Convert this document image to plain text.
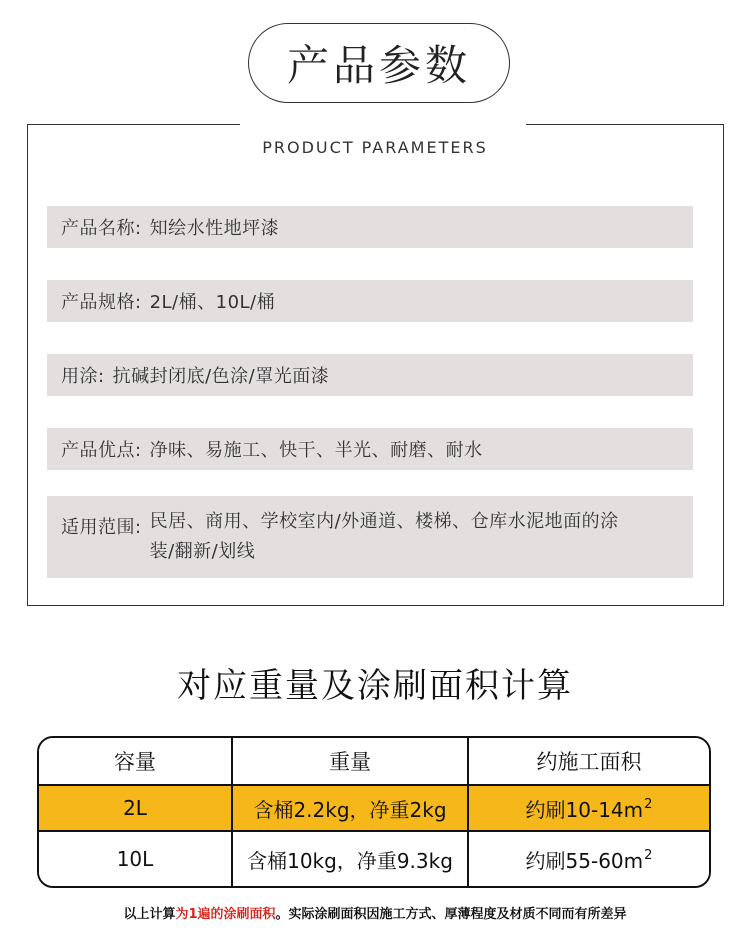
产品参数
PRODUCT PARAMETERS
产品名称: 知绘水性地坪漆
产品规格: 2L/桶、10L/桶
用涂: 抗碱封闭底/色涂/罩光面漆
产品优点: 净味、易施工、快干、半光、耐磨、耐水
适用范围: 民居、商用、学校室内/外通道、楼梯、仓库水泥地面的涂装/翻新/划线
对应重量及涂刷面积计算
容量	重量	约施工面积
2L	含桶2.2kg，净重2kg	约刷$10-14m^2$
10L	含桶10kg，净重9.3kg	约刷$55-60m^2$
以上计算为1遍的涂刷面积。实际涂刷面积因施工方式、厚薄程度及材质不同而有所差异
